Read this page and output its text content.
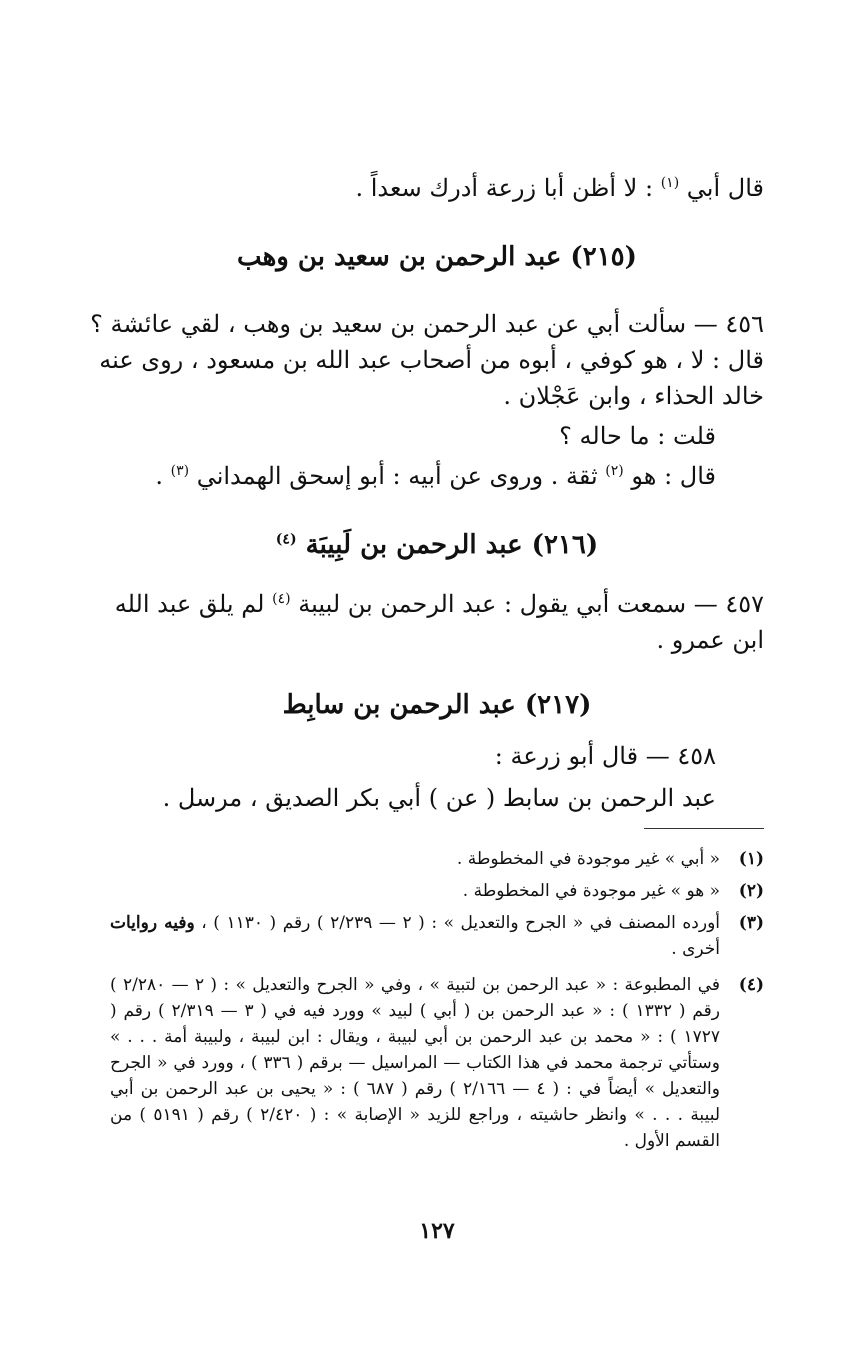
قال أبي $^{(١)}$ : لا أظن أبا زرعة أدرك سعداً .
(٢١٥) عبد الرحمن بن سعيد بن وهب
٤٥٦ — سألت أبي عن عبد الرحمن بن سعيد بن وهب ، لقي عائشة ؟
قال : لا ، هو كوفي ، أبوه من أصحاب عبد الله بن مسعود ، روى عنه
خالد الحذاء ، وابن عَجْلان .
قلت : ما حاله ؟
قال : هو $^{(٢)}$ ثقة . وروى عن أبيه : أبو إسحق الهمداني $^{(٣)}$ .
(٢١٦) عبد الرحمن بن لَبِيبَة $^{(٤)}$
٤٥٧ — سمعت أبي يقول : عبد الرحمن بن لبيبة $^{(٤)}$ لم يلق عبد الله
ابن عمرو .
(٢١٧) عبد الرحمن بن سابِط
٤٥٨ — قال أبو زرعة :
عبد الرحمن بن سابط ( عن ) أبي بكر الصديق ، مرسل .
(١)
« أبي » غير موجودة في المخطوطة .
(٢)
« هو » غير موجودة في المخطوطة .
(٣)
أورده المصنف في « الجرح والتعديل » : ( ٢ — ٢/٢٣٩ ) رقم ( ١١٣٠ ) ، وفيه روايات أخرى .
(٤)
في المطبوعة : « عبد الرحمن بن لتبية » ، وفي « الجرح والتعديل » : ( ٢ — ٢/٢٨٠ ) رقم ( ١٣٣٢ ) : « عبد الرحمن بن ( أبي ) لبيد » وورد فيه في ( ٣ — ٢/٣١٩ ) رقم ( ١٧٢٧ ) : « محمد بن عبد الرحمن بن أبي لبيبة ، ويقال : ابن لبيبة ، ولبيبة أمة . . . » وستأتي ترجمة محمد في هذا الكتاب — المراسيل — برقم ( ٣٣٦ ) ، وورد في « الجرح والتعديل » أيضاً في : ( ٤ — ٢/١٦٦ ) رقم ( ٦٨٧ ) : « يحيى بن عبد الرحمن بن أبي لبيبة . . . » وانظر حاشيته ، وراجع للزيد « الإصابة » : ( ٢/٤٢٠ ) رقم ( ٥١٩١ ) من القسم الأول .
١٢٧
